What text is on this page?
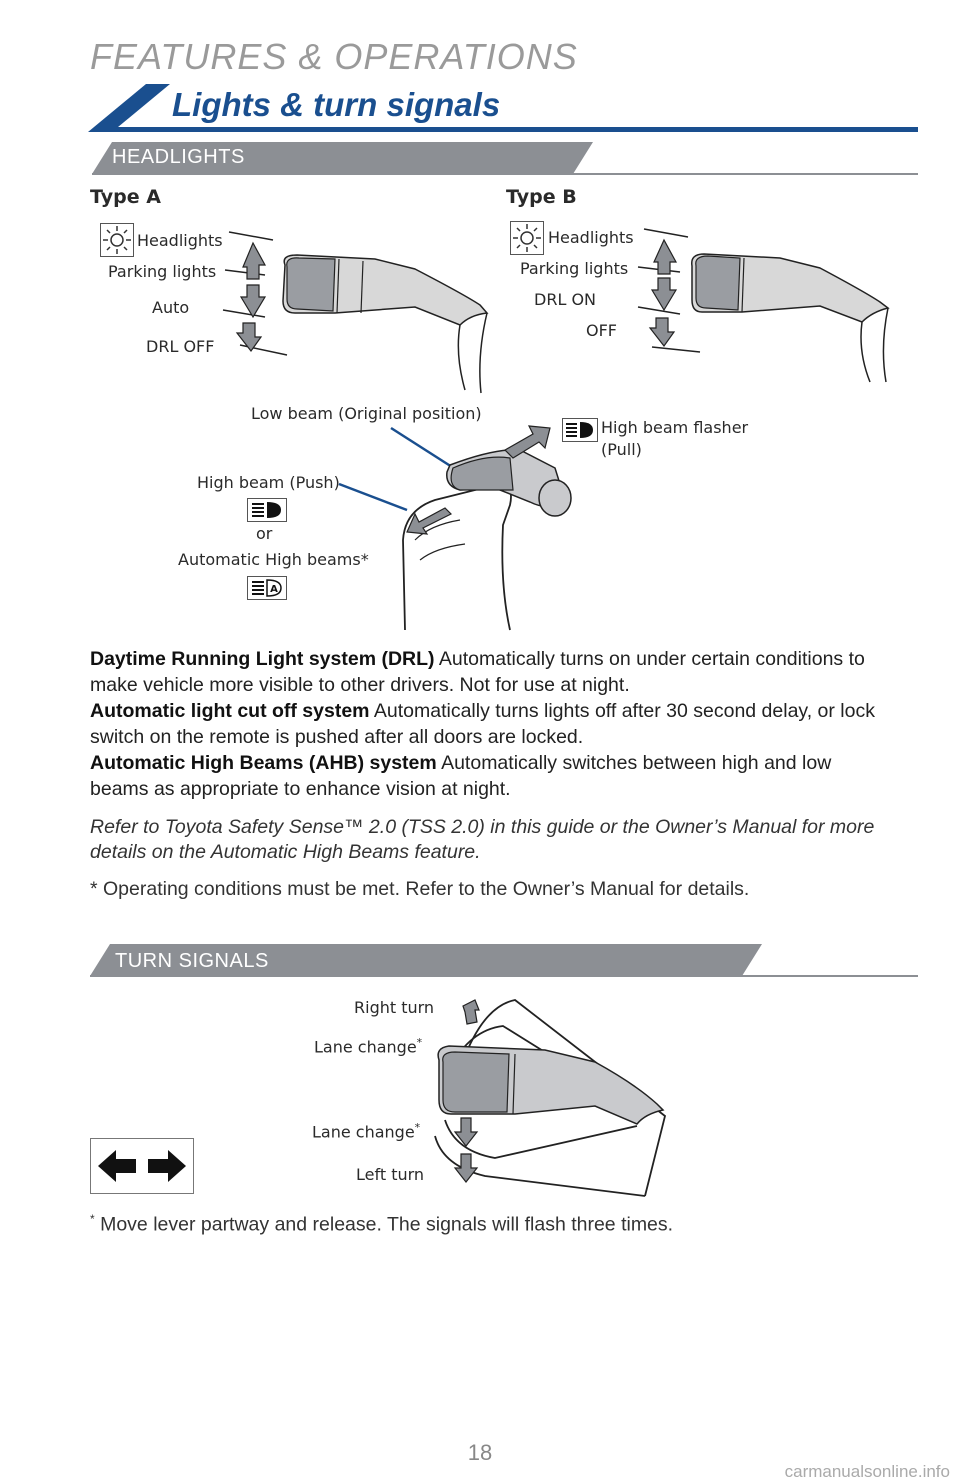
FEATURES & OPERATIONS
Lights & turn signals
HEADLIGHTS
Type A
Headlights
Parking lights
Auto
DRL OFF
Type B
Headlights
Parking lights
DRL ON
OFF
Low beam (Original position)
High beam (Push)
or
Automatic High beams*
A
High beam flasher
(Pull)
Daytime Running Light system (DRL) Automatically turns on under certain conditions to make vehicle more visible to other drivers. Not for use at night.
Automatic light cut off system Automatically turns lights off after 30 second delay, or lock switch on the remote is pushed after all doors are locked.
Automatic High Beams (AHB) system Automatically switches between high and low beams as appropriate to enhance vision at night.
Refer to Toyota Safety Sense™ 2.0 (TSS 2.0) in this guide or the Owner’s Manual for more details on the Automatic High Beams feature.
* Operating conditions must be met. Refer to the Owner’s Manual for details.
TURN SIGNALS
Right turn
Lane change*
Lane change*
Left turn
* Move lever partway and release. The signals will flash three times.
18
carmanualsonline.info
